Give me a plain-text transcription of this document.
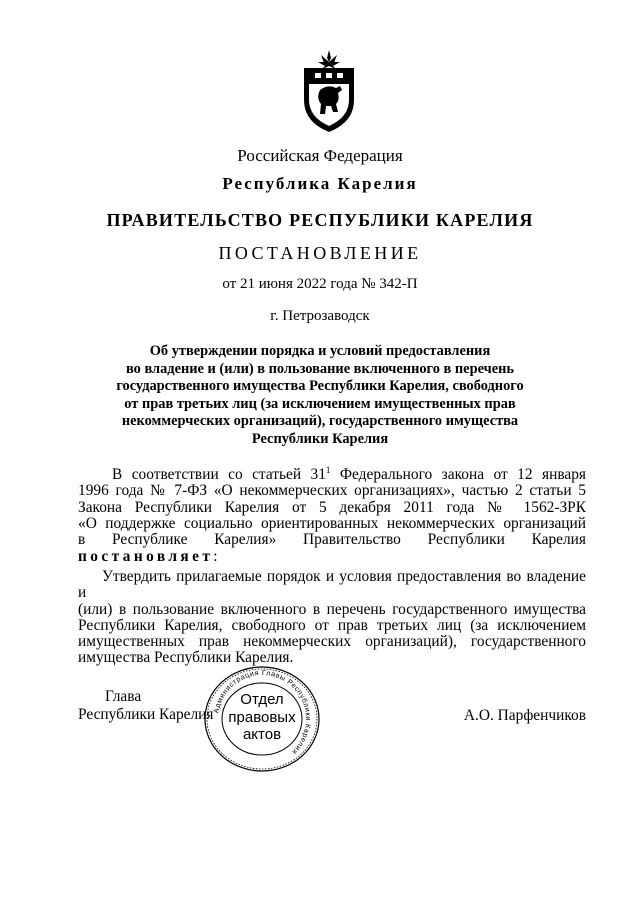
Российская Федерация
Республика Карелия
ПРАВИТЕЛЬСТВО РЕСПУБЛИКИ КАРЕЛИЯ
ПОСТАНОВЛЕНИЕ
от 21 июня 2022 года № 342-П
г. Петрозаводск
Об утверждении порядка и условий предоставления
во владение и (или) в пользование включенного в перечень
государственного имущества Республики Карелия, свободного
от прав третьих лиц (за исключением имущественных прав
некоммерческих организаций), государственного имущества
Республики Карелия
В соответствии со статьей $31^1$ Федерального закона от 12 января
1996 года № 7-ФЗ «О некоммерческих организациях», частью 2 статьи 5
Закона Республики Карелия от 5 декабря 2011 года № 1562-ЗРК
«О поддержке социально ориентированных некоммерческих организаций
в Республике Карелия» Правительство Республики Карелия
постановляет:
Утвердить прилагаемые порядок и условия предоставления во владение и
(или) в пользование включенного в перечень государственного имущества
Республики Карелия, свободного от прав третьих лиц (за исключением
имущественных прав некоммерческих организаций), государственного
имущества Республики Карелия.
Глава
Республики Карелия
Администрация Главы Республики Карелия
Отдел
правовых
актов
А.О. Парфенчиков
